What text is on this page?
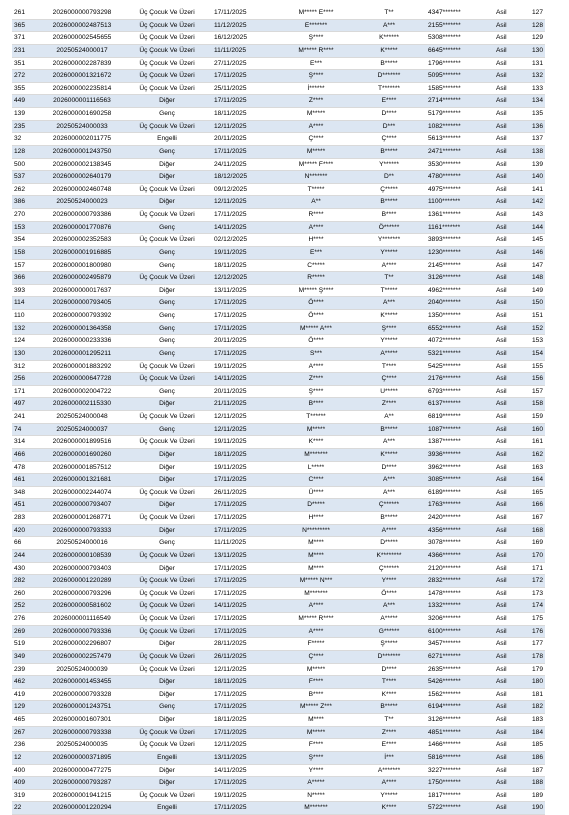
261	2026000000793298	Üç Çocuk Ve Üzeri	17/11/2025	M***** E****	T**	4347*******	Asil	127
365	2026000002487513	Üç Çocuk Ve Üzeri	11/12/2025	E*******	A***	2155*******	Asil	128
371	2026000002545655	Üç Çocuk Ve Üzeri	16/12/2025	Ş****	K******	5308*******	Asil	129
231	20250524000017	Üç Çocuk Ve Üzeri	11/11/2025	M***** R****	K*****	6645*******	Asil	130
351	2026000002287839	Üç Çocuk Ve Üzeri	27/11/2025	E***	B*****	1796*******	Asil	131
272	2026000001321672	Üç Çocuk Ve Üzeri	17/11/2025	Ş****	D*******	5095*******	Asil	132
355	2026000002235814	Üç Çocuk Ve Üzeri	25/11/2025	İ******	T*******	1585*******	Asil	133
449	2026000001116563	Diğer	17/11/2025	Z****	E****	2714*******	Asil	134
139	2026000001690258	Genç	18/11/2025	M*****	D****	5179*******	Asil	135
235	20250524000033	Üç Çocuk Ve Üzeri	12/11/2025	A****	D***	1082*******	Asil	136
32	2026000002011775	Engelli	20/11/2025	Ç****	Ç****	5613*******	Asil	137
128	2026000001243750	Genç	17/11/2025	M*****	B*****	2471*******	Asil	138
500	2026000002138345	Diğer	24/11/2025	M***** F****	Y******	3530*******	Asil	139
537	2026000002640179	Diğer	18/12/2025	N*******	D**	4780*******	Asil	140
262	2026000002460748	Üç Çocuk Ve Üzeri	09/12/2025	T*****	Ç*****	4975*******	Asil	141
386	20250524000023	Diğer	12/11/2025	A**	B*****	1100*******	Asil	142
270	2026000000793386	Üç Çocuk Ve Üzeri	17/11/2025	R****	B****	1361*******	Asil	143
153	2026000001770876	Genç	14/11/2025	A****	Ö******	1161*******	Asil	144
354	2026000002352583	Üç Çocuk Ve Üzeri	02/12/2025	H****	Y*******	3893*******	Asil	145
158	2026000001916885	Genç	19/11/2025	E***	Y*****	1230*******	Asil	146
157	2026000001800980	Genç	18/11/2025	C*****	A****	2145*******	Asil	147
366	2026000002495879	Üç Çocuk Ve Üzeri	12/12/2025	R*****	T**	3126*******	Asil	148
393	2026000000017637	Diğer	13/11/2025	M***** Ş****	T*****	4962*******	Asil	149
114	2026000000793405	Genç	17/11/2025	Ö****	A***	2040*******	Asil	150
110	2026000000793392	Genç	17/11/2025	Ö****	K*****	1350*******	Asil	151
132	2026000001364358	Genç	17/11/2025	M***** A***	Ş****	6552*******	Asil	152
124	2026000000233336	Genç	20/11/2025	Ö****	Y*****	4072*******	Asil	153
130	2026000001295211	Genç	17/11/2025	S***	A*****	5321*******	Asil	154
312	2026000001883292	Üç Çocuk Ve Üzeri	19/11/2025	A****	T****	5425*******	Asil	155
256	2026000000647728	Üç Çocuk Ve Üzeri	14/11/2025	Z****	Ç****	2176*******	Asil	156
171	2026000002004722	Genç	20/11/2025	Ş****	U*****	6793*******	Asil	157
497	2026000002115330	Diğer	21/11/2025	B****	Z****	6137*******	Asil	158
241	20250524000048	Üç Çocuk Ve Üzeri	12/11/2025	T******	A**	6819*******	Asil	159
74	20250524000037	Genç	12/11/2025	M*****	B*****	1087*******	Asil	160
314	2026000001899516	Üç Çocuk Ve Üzeri	19/11/2025	K****	A***	1387*******	Asil	161
466	2026000001690260	Diğer	18/11/2025	M*******	K*****	3936*******	Asil	162
478	2026000001857512	Diğer	19/11/2025	L*****	D****	3962*******	Asil	163
461	2026000001321681	Diğer	17/11/2025	C****	A***	3085*******	Asil	164
348	2026000002244074	Üç Çocuk Ve Üzeri	26/11/2025	Ü****	A***	6189*******	Asil	165
451	2026000000793407	Diğer	17/11/2025	D*****	Ç******	1763*******	Asil	166
283	2026000001268771	Üç Çocuk Ve Üzeri	17/11/2025	H****	B*****	2420*******	Asil	167
420	2026000000793333	Diğer	17/11/2025	N*********	A****	4356*******	Asil	168
66	20250524000016	Genç	11/11/2025	M****	D*****	3078*******	Asil	169
244	2026000000108539	Üç Çocuk Ve Üzeri	13/11/2025	M****	K********	4366*******	Asil	170
430	2026000000793403	Diğer	17/11/2025	M****	Ç******	2120*******	Asil	171
282	2026000001220289	Üç Çocuk Ve Üzeri	17/11/2025	M***** N***	Y****	2832*******	Asil	172
260	2026000000793296	Üç Çocuk Ve Üzeri	17/11/2025	M*******	Ö****	1478*******	Asil	173
252	2026000000581602	Üç Çocuk Ve Üzeri	14/11/2025	A****	A***	1332*******	Asil	174
276	2026000001116549	Üç Çocuk Ve Üzeri	17/11/2025	M***** R****	A*****	3206*******	Asil	175
269	2026000000793336	Üç Çocuk Ve Üzeri	17/11/2025	A****	G******	6100*******	Asil	176
519	2026000002296807	Diğer	28/11/2025	F*****	Ş*****	3457*******	Asil	177
349	2026000002257479	Üç Çocuk Ve Üzeri	26/11/2025	Ç****	D*******	6271*******	Asil	178
239	20250524000039	Üç Çocuk Ve Üzeri	12/11/2025	M*****	D****	2635*******	Asil	179
462	2026000001453455	Diğer	18/11/2025	F****	T****	5426*******	Asil	180
419	2026000000793328	Diğer	17/11/2025	B****	K****	1562*******	Asil	181
129	2026000001243751	Genç	17/11/2025	M***** Z***	B*****	6194*******	Asil	182
465	2026000001607301	Diğer	18/11/2025	M****	T**	3126*******	Asil	183
267	2026000000793338	Üç Çocuk Ve Üzeri	17/11/2025	M*****	Z****	4851*******	Asil	184
236	20250524000035	Üç Çocuk Ve Üzeri	12/11/2025	F****	E****	1466*******	Asil	185
12	2026000000371895	Engelli	13/11/2025	Ş****	İ***	5816*******	Asil	186
400	2026000000477275	Diğer	14/11/2025	Y****	A*******	3227*******	Asil	187
409	2026000000793287	Diğer	17/11/2025	A*****	A****	1750*******	Asil	188
319	2026000001941215	Üç Çocuk Ve Üzeri	19/11/2025	N*****	Y*****	1817*******	Asil	189
22	2026000001220294	Engelli	17/11/2025	M*******	K****	5722*******	Asil	190
